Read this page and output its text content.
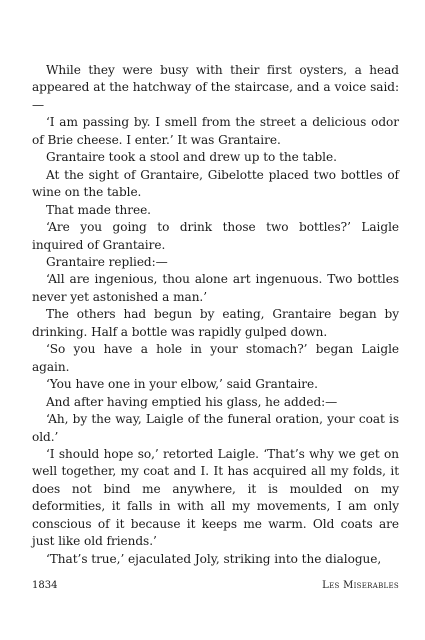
While they were busy with their first oysters, a head appeared at the hatchway of the staircase, and a voice said:—

‘I am passing by. I smell from the street a delicious odor of Brie cheese. I enter.’ It was Grantaire.

Grantaire took a stool and drew up to the table.

At the sight of Grantaire, Gibelotte placed two bottles of wine on the table.

That made three.

‘Are you going to drink those two bottles?’ Laigle inquired of Grantaire.

Grantaire replied:—

‘All are ingenious, thou alone art ingenuous. Two bottles never yet astonished a man.’

The others had begun by eating, Grantaire began by drinking. Half a bottle was rapidly gulped down.

‘So you have a hole in your stomach?’ began Laigle again.

‘You have one in your elbow,’ said Grantaire.

And after having emptied his glass, he added:—

‘Ah, by the way, Laigle of the funeral oration, your coat is old.’

‘I should hope so,’ retorted Laigle. ‘That’s why we get on well together, my coat and I. It has acquired all my folds, it does not bind me anywhere, it is moulded on my deformities, it falls in with all my movements, I am only conscious of it because it keeps me warm. Old coats are just like old friends.’

‘That’s true,’ ejaculated Joly, striking into the dialogue,

1834	Les Miserables
